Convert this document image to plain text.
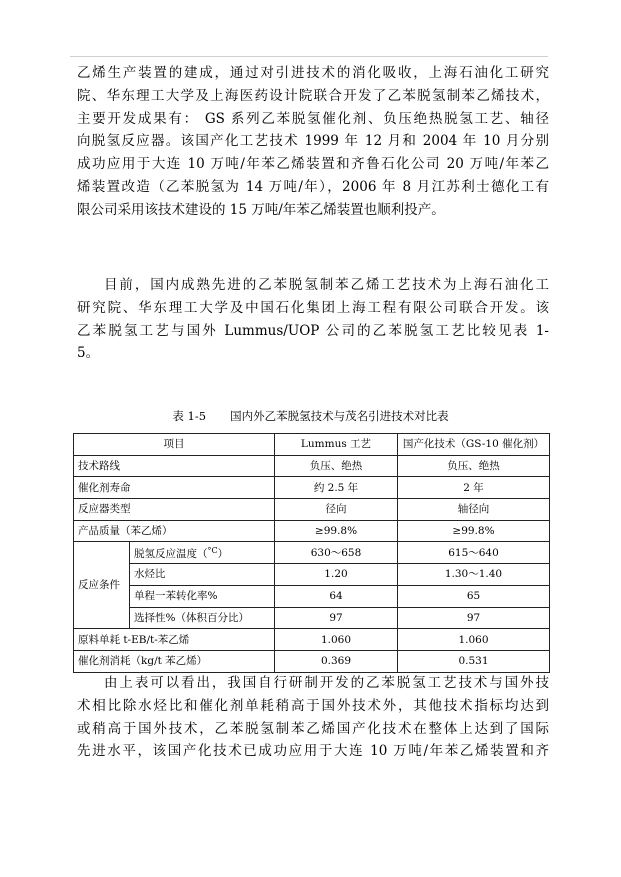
乙烯生产装置的建成，通过对引进技术的消化吸收，上海石油化工研究
院、华东理工大学及上海医药设计院联合开发了乙苯脱氢制苯乙烯技术，
主要开发成果有： GS 系列乙苯脱氢催化剂、负压绝热脱氢工艺、轴径
向脱氢反应器。该国产化工艺技术 1999 年 12 月和 2004 年 10 月分别
成功应用于大连 10 万吨/年苯乙烯装置和齐鲁石化公司 20 万吨/年苯乙
烯装置改造（乙苯脱氢为 14 万吨/年），2006 年 8 月江苏利士德化工有
限公司采用该技术建设的 15 万吨/年苯乙烯装置也顺利投产。
目前，国内成熟先进的乙苯脱氢制苯乙烯工艺技术为上海石油化工
研究院、华东理工大学及中国石化集团上海工程有限公司联合开发。该
乙苯脱氢工艺与国外 Lummus/UOP 公司的乙苯脱氢工艺比较见表 1-
5。
表 1-5 国内外乙苯脱氢技术与茂名引进技术对比表
项目		Lummus 工艺	国产化技术（GS-10 催化剂）
技术路线		负压、绝热	负压、绝热
催化剂寿命		约 2.5 年	2 年
反应器类型		径向	轴径向
产品质量（苯乙烯）		≥99.8%	≥99.8%
反应条件	脱氢反应温度（$^{^\circ C}$）	630～658	615～640
	水烃比	1.20	1.30～1.40
	单程一苯转化率%	64	65
	选择性%（体积百分比）	97	97
原料单耗 t-EB/t-苯乙烯		1.060	1.060
催化剂消耗（kg/t 苯乙烯）		0.369	0.531
由上表可以看出，我国自行研制开发的乙苯脱氢工艺技术与国外技
术相比除水烃比和催化剂单耗稍高于国外技术外，其他技术指标均达到
或稍高于国外技术，乙苯脱氢制苯乙烯国产化技术在整体上达到了国际
先进水平，该国产化技术已成功应用于大连 10 万吨/年苯乙烯装置和齐
